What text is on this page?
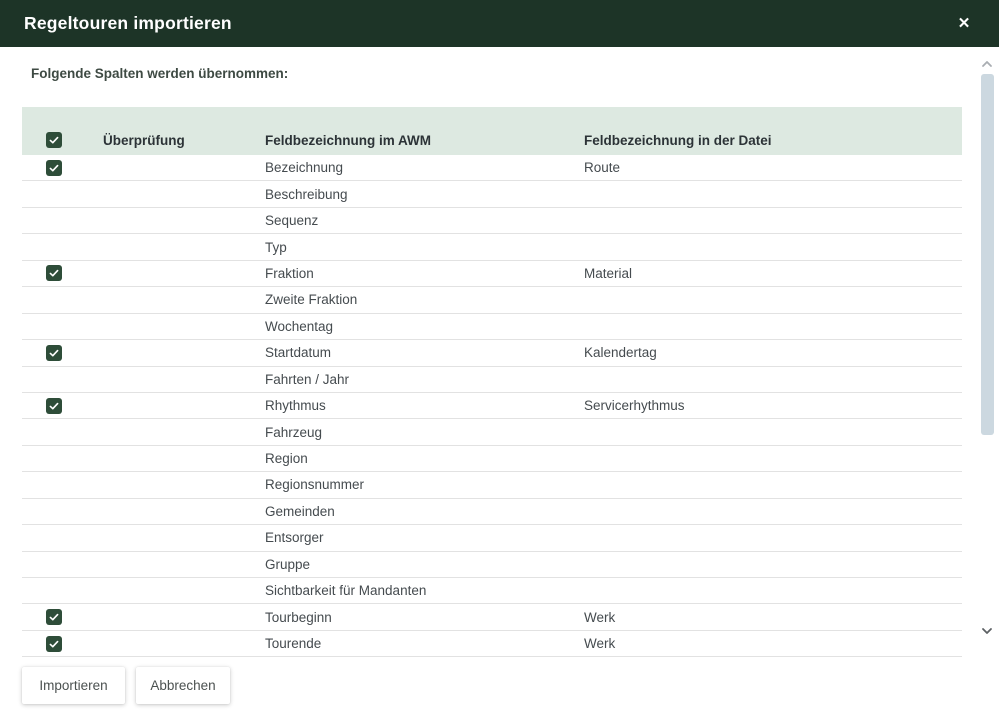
Regeltouren importieren	✕
Folgende Spalten werden übernommen:
Überprüfung	Feldbezeichnung im AWM	Feldbezeichnung in der Datei
Bezeichnung	Route
Beschreibung
Sequenz
Typ
Fraktion	Material
Zweite Fraktion
Wochentag
Startdatum	Kalendertag
Fahrten / Jahr
Rhythmus	Servicerhythmus
Fahrzeug
Region
Regionsnummer
Gemeinden
Entsorger
Gruppe
Sichtbarkeit für Mandanten
Tourbeginn	Werk
Tourende	Werk
Importieren	Abbrechen
